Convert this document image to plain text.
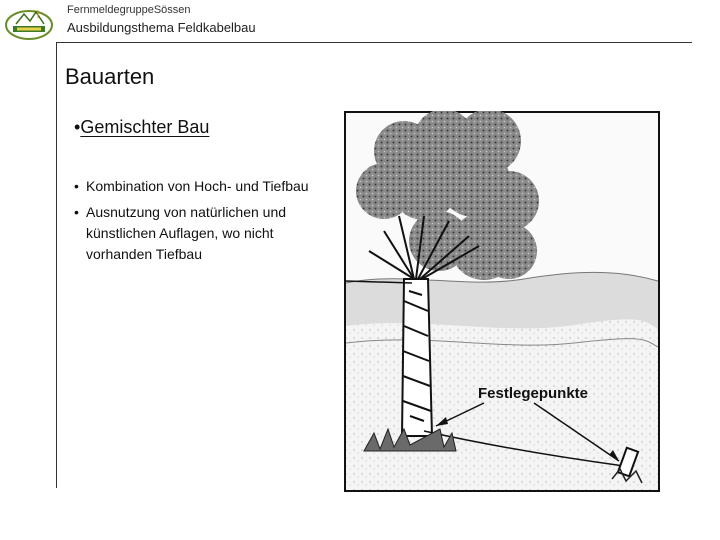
FernmeldegruppeSössen
Ausbildungsthema Feldkabelbau
Bauarten
•Gemischter Bau
• Kombination von Hoch- und Tiefbau
• Ausnutzung von natürlichen und künstlichen Auflagen, wo nicht vorhanden Tiefbau
Festlegepunkte
